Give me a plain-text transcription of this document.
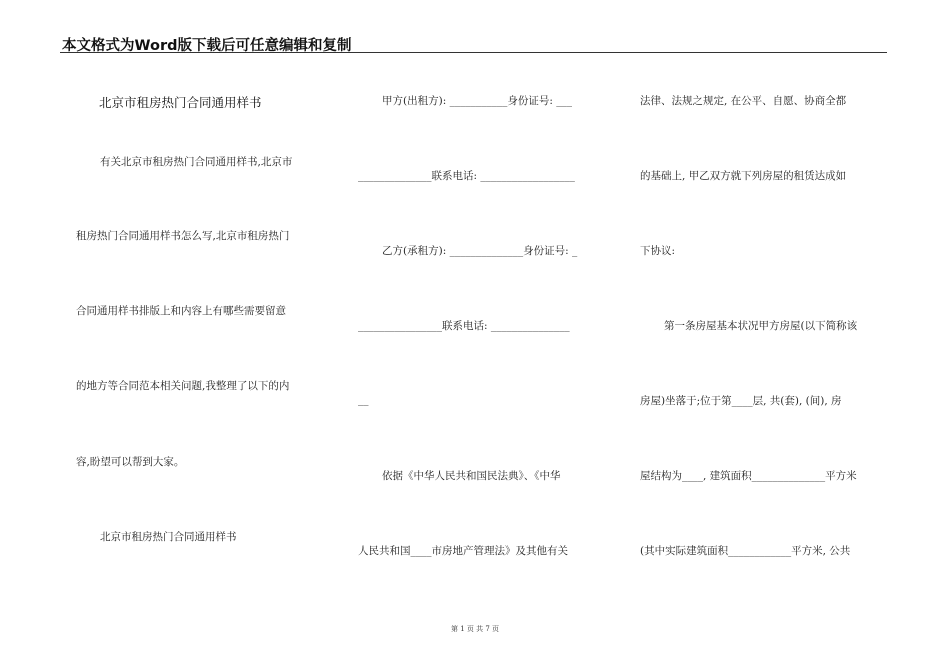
本文格式为Word版下载后可任意编辑和复制
北京市租房热门合同通用样书
有关北京市租房热门合同通用样书,北京市
租房热门合同通用样书怎么写,北京市租房热门
合同通用样书排版上和内容上有哪些需要留意
的地方等合同范本相关问题,我整理了以下的内
容,盼望可以帮到大家。
北京市租房热门合同通用样书
甲方(出租方): ___________身份证号: ___
______________联系电话: __________________
乙方(承租方): ______________身份证号: _
________________联系电话: _______________
__
依据《中华人民共和国民法典》、《中华
人民共和国____市房地产管理法》及其他有关
法律、法规之规定, 在公平、自愿、协商全都
的基础上, 甲乙双方就下列房屋的租赁达成如
下协议:
第一条房屋基本状况甲方房屋(以下简称该
房屋)坐落于;位于第____层, 共(套), (间), 房
屋结构为____, 建筑面积______________平方米
(其中实际建筑面积____________平方米, 公共
第 1 页 共 7 页
